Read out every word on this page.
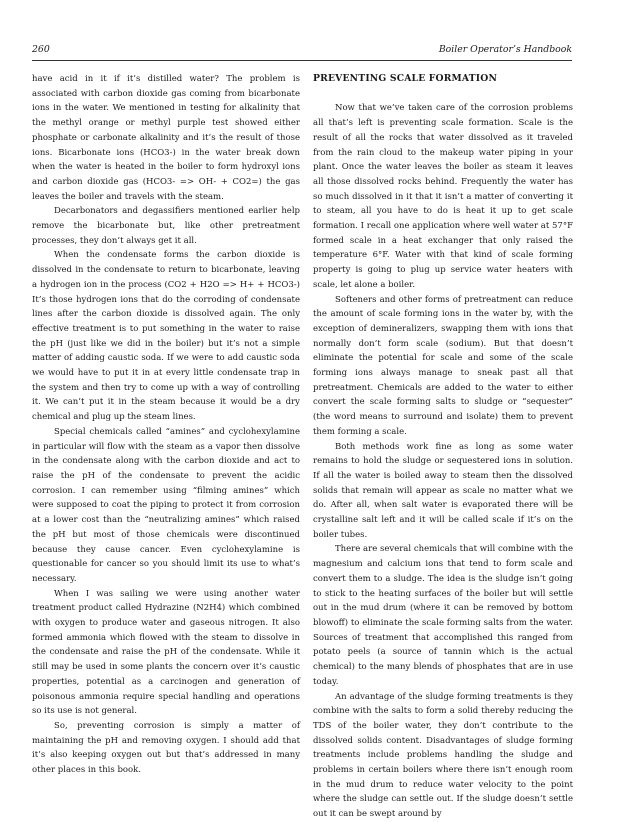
260	Boiler Operator’s Handbook

have acid in it if it’s distilled water? The problem is associated with carbon dioxide gas coming from bicarbonate ions in the water. We mentioned in testing for alkalinity that the methyl orange or methyl purple test showed either phosphate or carbonate alkalinity and it’s the result of those ions. Bicarbonate ions (HCO3-) in the water break down when the water is heated in the boiler to form hydroxyl ions and carbon dioxide gas (HCO3- => OH- + CO2=) the gas leaves the boiler and travels with the steam.

Decarbonators and degassifiers mentioned earlier help remove the bicarbonate but, like other pretreatment processes, they don’t always get it all.

When the condensate forms the carbon dioxide is dissolved in the condensate to return to bicarbonate, leaving a hydrogen ion in the process (CO2 + H2O => H+ + HCO3-) It’s those hydrogen ions that do the corroding of condensate lines after the carbon dioxide is dissolved again. The only effective treatment is to put something in the water to raise the pH (just like we did in the boiler) but it’s not a simple matter of adding caustic soda. If we were to add caustic soda we would have to put it in at every little condensate trap in the system and then try to come up with a way of controlling it. We can’t put it in the steam because it would be a dry chemical and plug up the steam lines.

Special chemicals called “amines” and cyclohexylamine in particular will flow with the steam as a vapor then dissolve in the condensate along with the carbon dioxide and act to raise the pH of the condensate to prevent the acidic corrosion. I can remember using “filming amines” which were supposed to coat the piping to protect it from corrosion at a lower cost than the “neutralizing amines” which raised the pH but most of those chemicals were discontinued because they cause cancer. Even cyclohexylamine is questionable for cancer so you should limit its use to what’s necessary.

When I was sailing we were using another water treatment product called Hydrazine (N2H4) which combined with oxygen to produce water and gaseous nitrogen. It also formed ammonia which flowed with the steam to dissolve in the condensate and raise the pH of the condensate. While it still may be used in some plants the concern over it’s caustic properties, potential as a carcinogen and generation of poisonous ammonia require special handling and operations so its use is not general.

So, preventing corrosion is simply a matter of maintaining the pH and removing oxygen. I should add that it’s also keeping oxygen out but that’s addressed in many other places in this book.

PREVENTING SCALE FORMATION

Now that we’ve taken care of the corrosion problems all that’s left is preventing scale formation. Scale is the result of all the rocks that water dissolved as it traveled from the rain cloud to the makeup water piping in your plant. Once the water leaves the boiler as steam it leaves all those dissolved rocks behind. Frequently the water has so much dissolved in it that it isn’t a matter of converting it to steam, all you have to do is heat it up to get scale formation. I recall one application where well water at 57°F formed scale in a heat exchanger that only raised the temperature 6°F. Water with that kind of scale forming property is going to plug up service water heaters with scale, let alone a boiler.

Softeners and other forms of pretreatment can reduce the amount of scale forming ions in the water by, with the exception of demineralizers, swapping them with ions that normally don’t form scale (sodium). But that doesn’t eliminate the potential for scale and some of the scale forming ions always manage to sneak past all that pretreatment. Chemicals are added to the water to either convert the scale forming salts to sludge or “sequester” (the word means to surround and isolate) them to prevent them forming a scale.

Both methods work fine as long as some water remains to hold the sludge or sequestered ions in solution. If all the water is boiled away to steam then the dissolved solids that remain will appear as scale no matter what we do. After all, when salt water is evaporated there will be crystalline salt left and it will be called scale if it’s on the boiler tubes.

There are several chemicals that will combine with the magnesium and calcium ions that tend to form scale and convert them to a sludge. The idea is the sludge isn’t going to stick to the heating surfaces of the boiler but will settle out in the mud drum (where it can be removed by bottom blowoff) to eliminate the scale forming salts from the water. Sources of treatment that accomplished this ranged from potato peels (a source of tannin which is the actual chemical) to the many blends of phosphates that are in use today.

An advantage of the sludge forming treatments is they combine with the salts to form a solid thereby reducing the TDS of the boiler water, they don’t contribute to the dissolved solids content. Disadvantages of sludge forming treatments include problems handling the sludge and problems in certain boilers where there isn’t enough room in the mud drum to reduce water velocity to the point where the sludge can settle out. If the sludge doesn’t settle out it can be swept around by
